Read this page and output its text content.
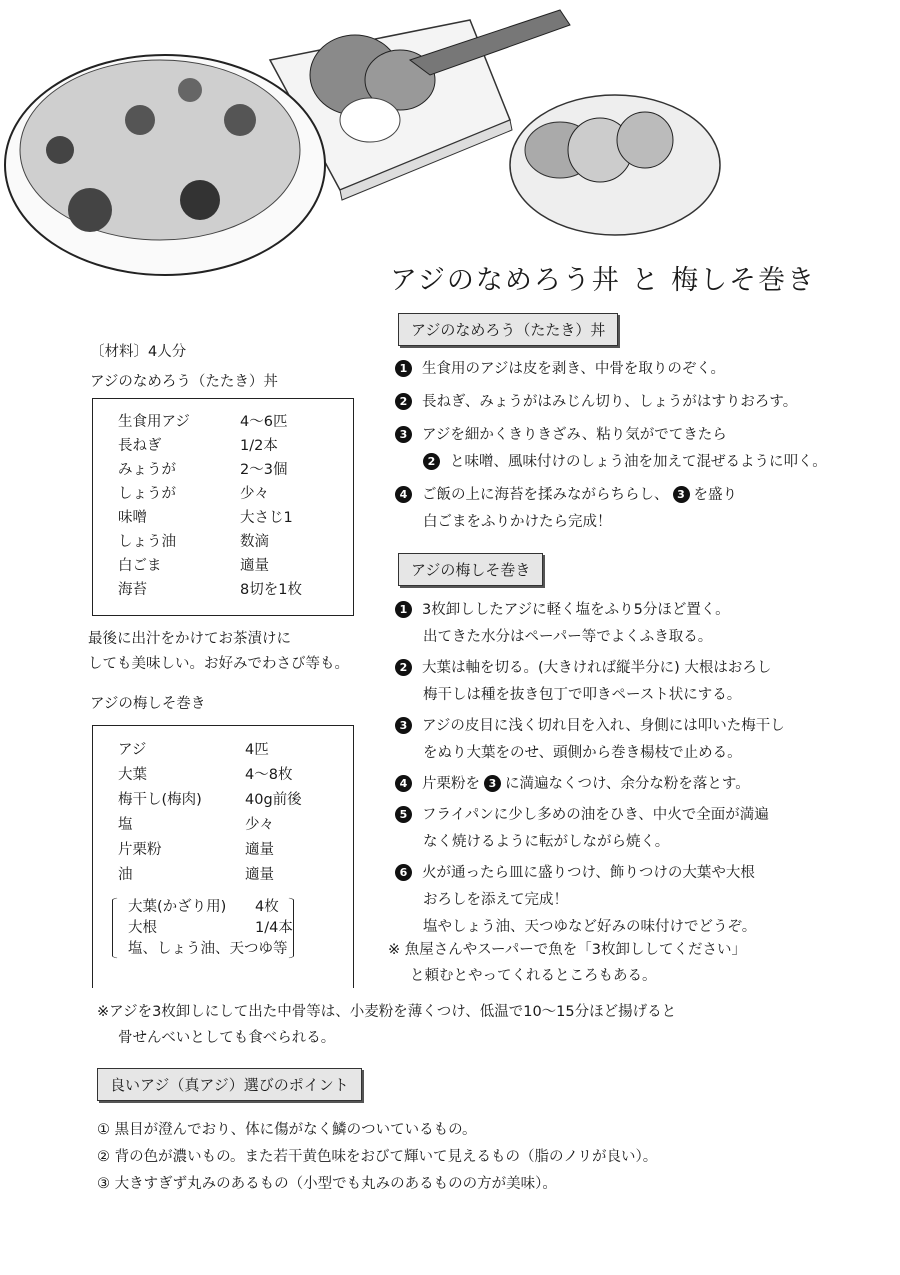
アジのなめろう丼 と 梅しそ巻き
〔材料〕4人分
アジのなめろう（たたき）丼
最後に出汁をかけてお茶漬けに
しても美味しい。お好みでわさび等も。
アジの梅しそ巻き
アジのなめろう（たたき）丼
アジの梅しそ巻き
※ 魚屋さんやスーパーで魚を「3枚卸ししてください」
と頼むとやってくれるところもある。
※アジを3枚卸しにして出た中骨等は、小麦粉を薄くつけ、低温で10〜15分ほど揚げると
骨せんべいとしても食べられる。
良いアジ（真アジ）選びのポイント
① 黒目が澄んでおり、体に傷がなく鱗のついているもの。
② 背の色が濃いもの。また若干黄色味をおびて輝いて見えるもの（脂のノリが良い）。
③ 大きすぎず丸みのあるもの（小型でも丸みのあるものの方が美味）。
生食用アジ	4〜6匹
長ねぎ	1/2本
みょうが	2〜3個
しょうが	少々
味噌	大さじ1
しょう油	数滴
白ごま	適量
海苔	8切を1枚
アジ	4匹
大葉	4〜8枚
梅干し(梅肉)	40g前後
塩	少々
片栗粉	適量
油	適量
大葉(かざり用) 4枚
大根	1/4本
塩、しょう油、天つゆ等
1 生食用のアジは皮を剥き、中骨を取りのぞく。
2 長ねぎ、みょうがはみじん切り、しょうがはすりおろす。
3 アジを細かくきりきざみ、粘り気がでてきたら
2 と味噌、風味付けのしょう油を加えて混ぜるように叩く。
4 ご飯の上に海苔を揉みながらちらし、 3 を盛り
白ごまをふりかけたら完成！
1 3枚卸ししたアジに軽く塩をふり5分ほど置く。
出てきた水分はペーパー等でよくふき取る。
2 大葉は軸を切る。(大きければ縦半分に) 大根はおろし
梅干しは種を抜き包丁で叩きペースト状にする。
3 アジの皮目に浅く切れ目を入れ、身側には叩いた梅干し
をぬり大葉をのせ、頭側から巻き楊枝で止める。
4 片栗粉を 3 に満遍なくつけ、余分な粉を落とす。
5 フライパンに少し多めの油をひき、中火で全面が満遍
なく焼けるように転がしながら焼く。
6 火が通ったら皿に盛りつけ、飾りつけの大葉や大根
おろしを添えて完成！
塩やしょう油、天つゆなど好みの味付けでどうぞ。
